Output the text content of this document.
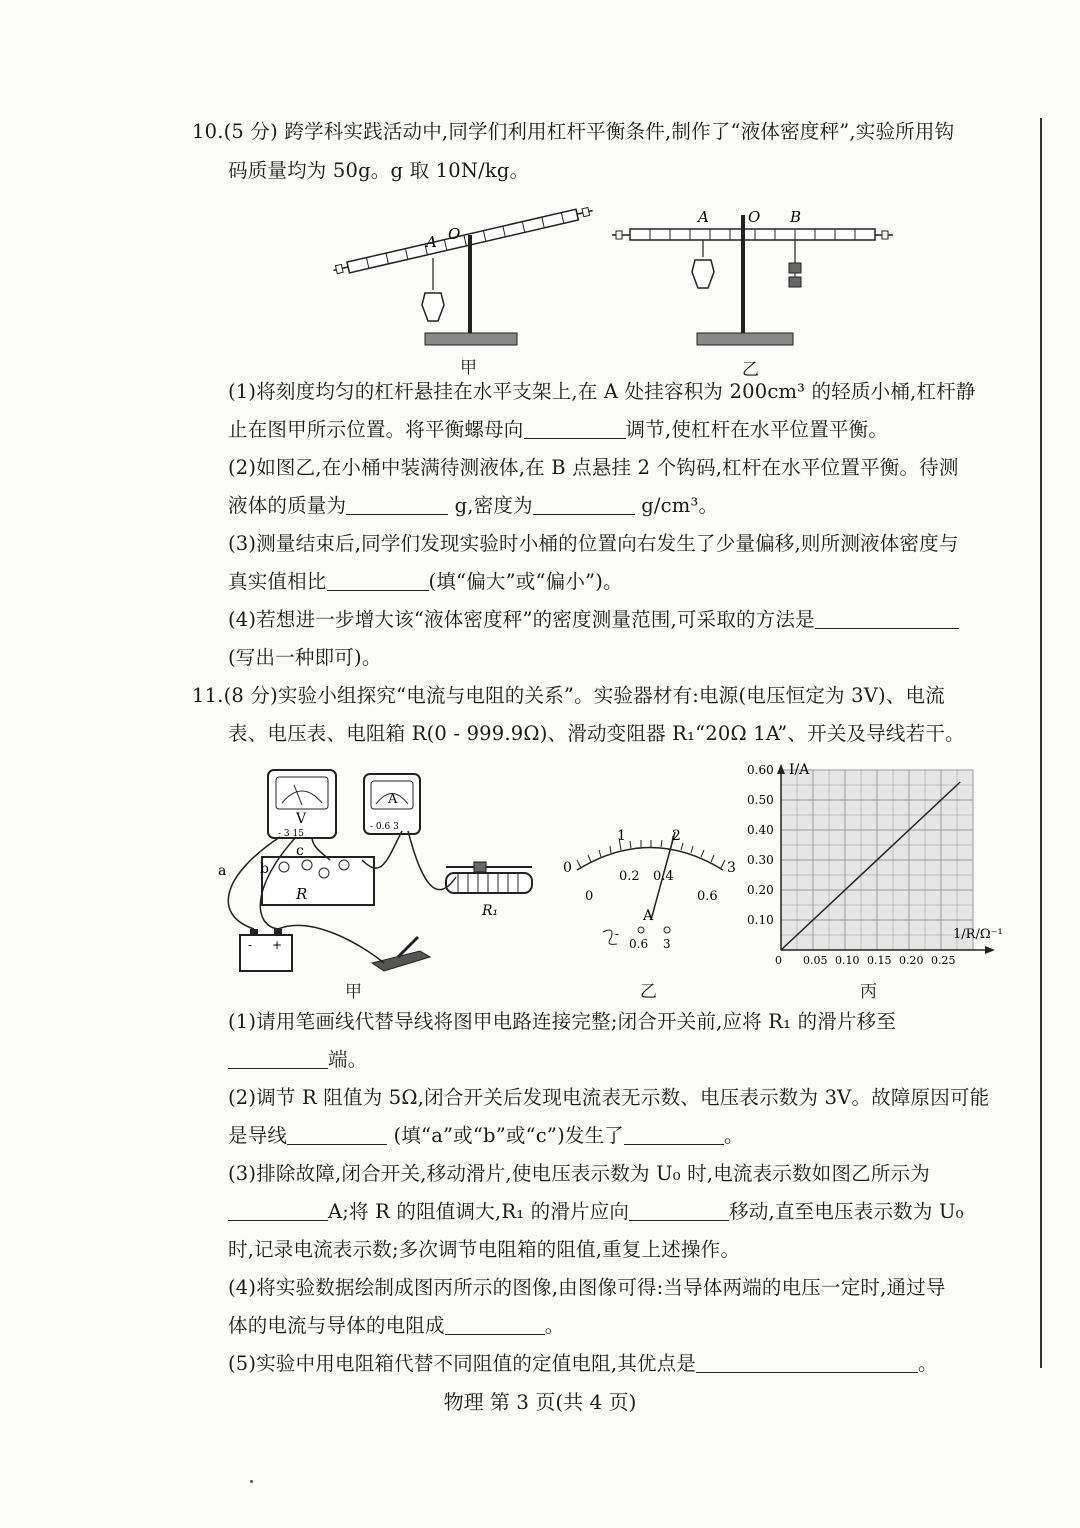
10.(5 分) 跨学科实践活动中,同学们利用杠杆平衡条件,制作了“液体密度秤”,实验所用钩
码质量均为 50g。g 取 10N/kg。
A O
甲
A	O B
乙
(1)将刻度均匀的杠杆悬挂在水平支架上,在 A 处挂容积为 200cm³ 的轻质小桶,杠杆静
止在图甲所示位置。将平衡螺母向	调节,使杠杆在水平位置平衡。
(2)如图乙,在小桶中装满待测液体,在 B 点悬挂 2 个钩码,杠杆在水平位置平衡。待测
液体的质量为	g,密度为	g/cm³。
(3)测量结束后,同学们发现实验时小桶的位置向右发生了少量偏移,则所测液体密度与
真实值相比	(填“偏大”或“偏小”)。
(4)若想进一步增大该“液体密度秤”的密度测量范围,可采取的方法是
(写出一种即可)。
11.(8 分)实验小组探究“电流与电阻的关系”。实验器材有:电源(电压恒定为 3V)、电流
表、电压表、电阻箱 R(0 - 999.9Ω)、滑动变阻器 R₁“20Ω 1A”、开关及导线若干。
V
- 3 15
A
- 0.6 3
R
R₁
- +
a b
c
甲
0
1	2
3
0
0.2 0.4
0.6
A
-
0.6 3
乙
I/A
1/R/Ω⁻¹
0 0.05 0.10 0.15 0.20 0.25
0.10
0.20
0.30
0.40
0.50
0.60
丙
(1)请用笔画线代替导线将图甲电路连接完整;闭合开关前,应将 R₁ 的滑片移至
端。
(2)调节 R 阻值为 5Ω,闭合开关后发现电流表无示数、电压表示数为 3V。故障原因可能
是导线	(填“a”或“b”或“c”)发生了	。
(3)排除故障,闭合开关,移动滑片,使电压表示数为 U₀ 时,电流表示数如图乙所示为
A;将 R 的阻值调大,R₁ 的滑片应向	移动,直至电压表示数为 U₀
时,记录电流表示数;多次调节电阻箱的阻值,重复上述操作。
(4)将实验数据绘制成图丙所示的图像,由图像可得:当导体两端的电压一定时,通过导
体的电流与导体的电阻成	。
(5)实验中用电阻箱代替不同阻值的定值电阻,其优点是	。
物理 第 3 页(共 4 页)
